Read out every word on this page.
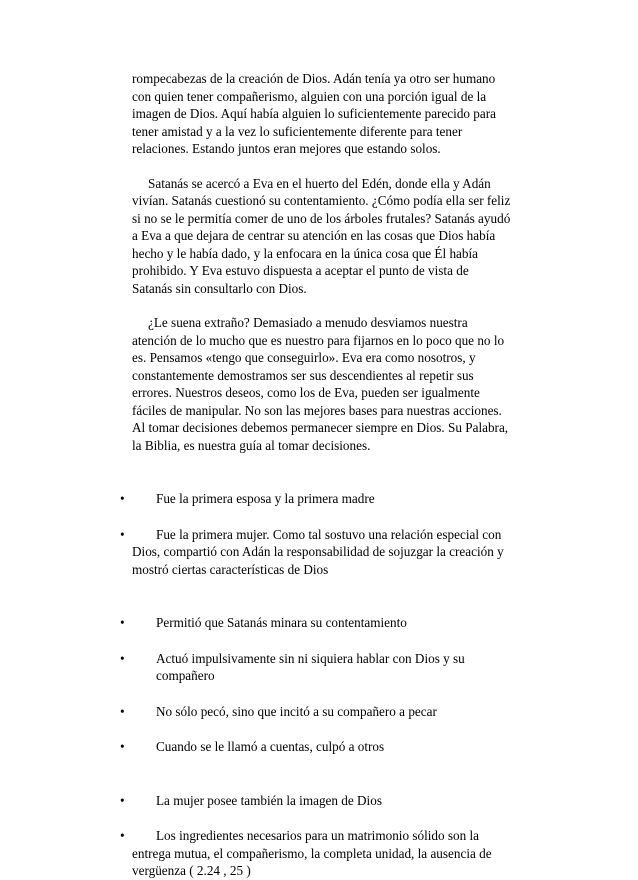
rompecabezas de la creación de Dios. Adán tenía ya otro ser humano con quien tener compañerismo, alguien con una porción igual de la imagen de Dios. Aquí había alguien lo suficientemente parecido para tener amistad y a la vez lo suficientemente diferente para tener relaciones. Estando juntos eran mejores que estando solos.

Satanás se acercó a Eva en el huerto del Edén, donde ella y Adán vivían. Satanás cuestionó su contentamiento. ¿Cómo podía ella ser feliz si no se le permitía comer de uno de los árboles frutales? Satanás ayudó a Eva a que dejara de centrar su atención en las cosas que Dios había hecho y le había dado, y la enfocara en la única cosa que Él había prohibido. Y Eva estuvo dispuesta a aceptar el punto de vista de Satanás sin consultarlo con Dios.

¿Le suena extraño? Demasiado a menudo desviamos nuestra atención de lo mucho que es nuestro para fijarnos en lo poco que no lo es. Pensamos «tengo que conseguirlo». Eva era como nosotros, y constantemente demostramos ser sus descendientes al repetir sus errores. Nuestros deseos, como los de Eva, pueden ser igualmente fáciles de manipular. No son las mejores bases para nuestras acciones. Al tomar decisiones debemos permanecer siempre en Dios. Su Palabra, la Biblia, es nuestra guía al tomar decisiones.

•	Fue la primera esposa y la primera madre

•	Fue la primera mujer. Como tal sostuvo una relación especial con Dios, compartió con Adán la responsabilidad de sojuzgar la creación y mostró ciertas características de Dios

•	Permitió que Satanás minara su contentamiento

•	Actuó impulsivamente sin ni siquiera hablar con Dios y su compañero

•	No sólo pecó, sino que incitó a su compañero a pecar

•	Cuando se le llamó a cuentas, culpó a otros

•	La mujer posee también la imagen de Dios

•	Los ingredientes necesarios para un matrimonio sólido son la entrega mutua, el compañerismo, la completa unidad, la ausencia de vergüenza ( 2.24 , 25 )
